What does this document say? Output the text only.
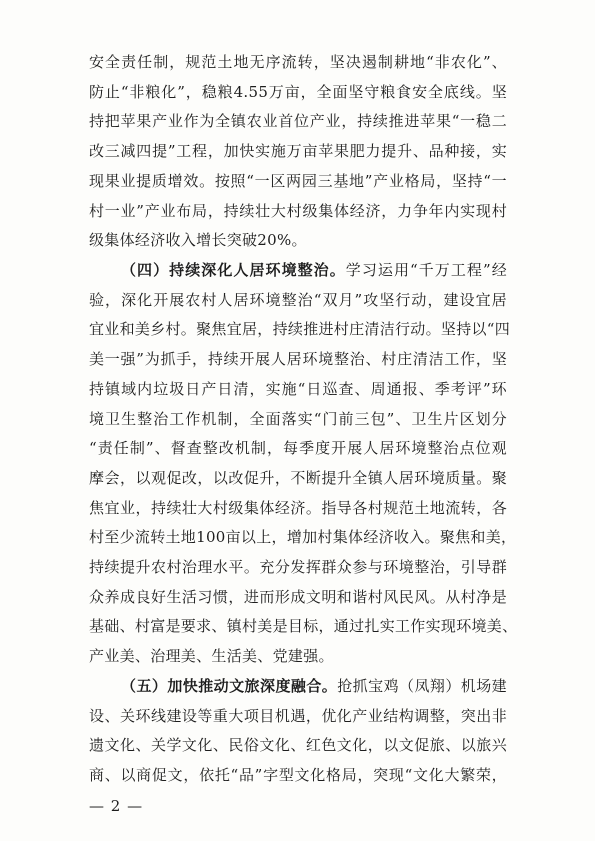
安全责任制，规范土地无序流转，坚决遏制耕地“非农化”、
防止“非粮化”，稳粮4.55万亩，全面坚守粮食安全底线。坚
持把苹果产业作为全镇农业首位产业，持续推进苹果“一稳二
改三减四提”工程，加快实施万亩苹果肥力提升、品种接，实
现果业提质增效。按照“一区两园三基地”产业格局，坚持“一
村一业”产业布局，持续壮大村级集体经济，力争年内实现村
级集体经济收入增长突破20%。
（四）持续深化人居环境整治。学习运用“千万工程”经
验，深化开展农村人居环境整治“双月”攻坚行动，建设宜居
宜业和美乡村。聚焦宜居，持续推进村庄清洁行动。坚持以“四
美一强”为抓手，持续开展人居环境整治、村庄清洁工作，坚
持镇域内垃圾日产日清，实施“日巡查、周通报、季考评”环
境卫生整治工作机制，全面落实“门前三包”、卫生片区划分
“责任制”、督查整改机制，每季度开展人居环境整治点位观
摩会，以观促改，以改促升，不断提升全镇人居环境质量。聚
焦宜业，持续壮大村级集体经济。指导各村规范土地流转，各
村至少流转土地100亩以上，增加村集体经济收入。聚焦和美，
持续提升农村治理水平。充分发挥群众参与环境整治，引导群
众养成良好生活习惯，进而形成文明和谐村风民风。从村净是
基础、村富是要求、镇村美是目标，通过扎实工作实现环境美、
产业美、治理美、生活美、党建强。
（五）加快推动文旅深度融合。抢抓宝鸡（凤翔）机场建
设、关环线建设等重大项目机遇，优化产业结构调整，突出非
遗文化、关学文化、民俗文化、红色文化，以文促旅、以旅兴
商、以商促文，依托“品”字型文化格局，突现“文化大繁荣，
— 2 —
